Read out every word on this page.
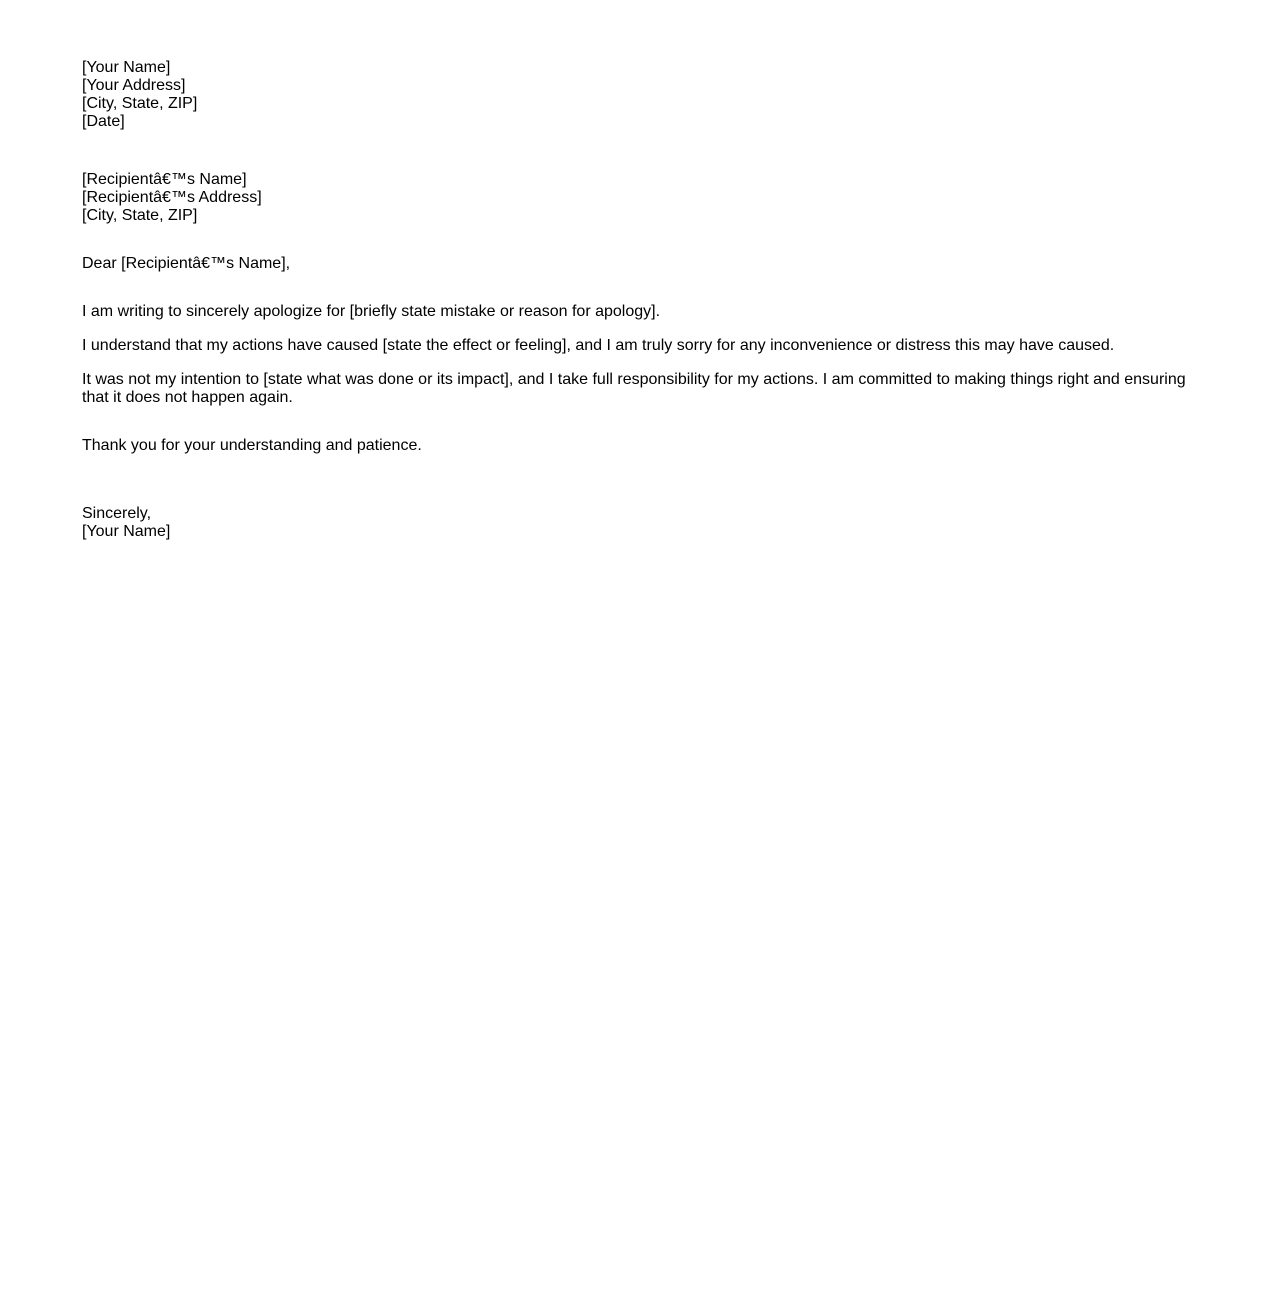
[Your Name]
[Your Address]
[City, State, ZIP]
[Date]
[Recipientâ€™s Name]
[Recipientâ€™s Address]
[City, State, ZIP]
Dear [Recipientâ€™s Name],
I am writing to sincerely apologize for [briefly state mistake or reason for apology].
I understand that my actions have caused [state the effect or feeling], and I am truly sorry for any inconvenience or distress this may have caused.
It was not my intention to [state what was done or its impact], and I take full responsibility for my actions. I am committed to making things right and ensuring that it does not happen again.
Thank you for your understanding and patience.
Sincerely,
[Your Name]
